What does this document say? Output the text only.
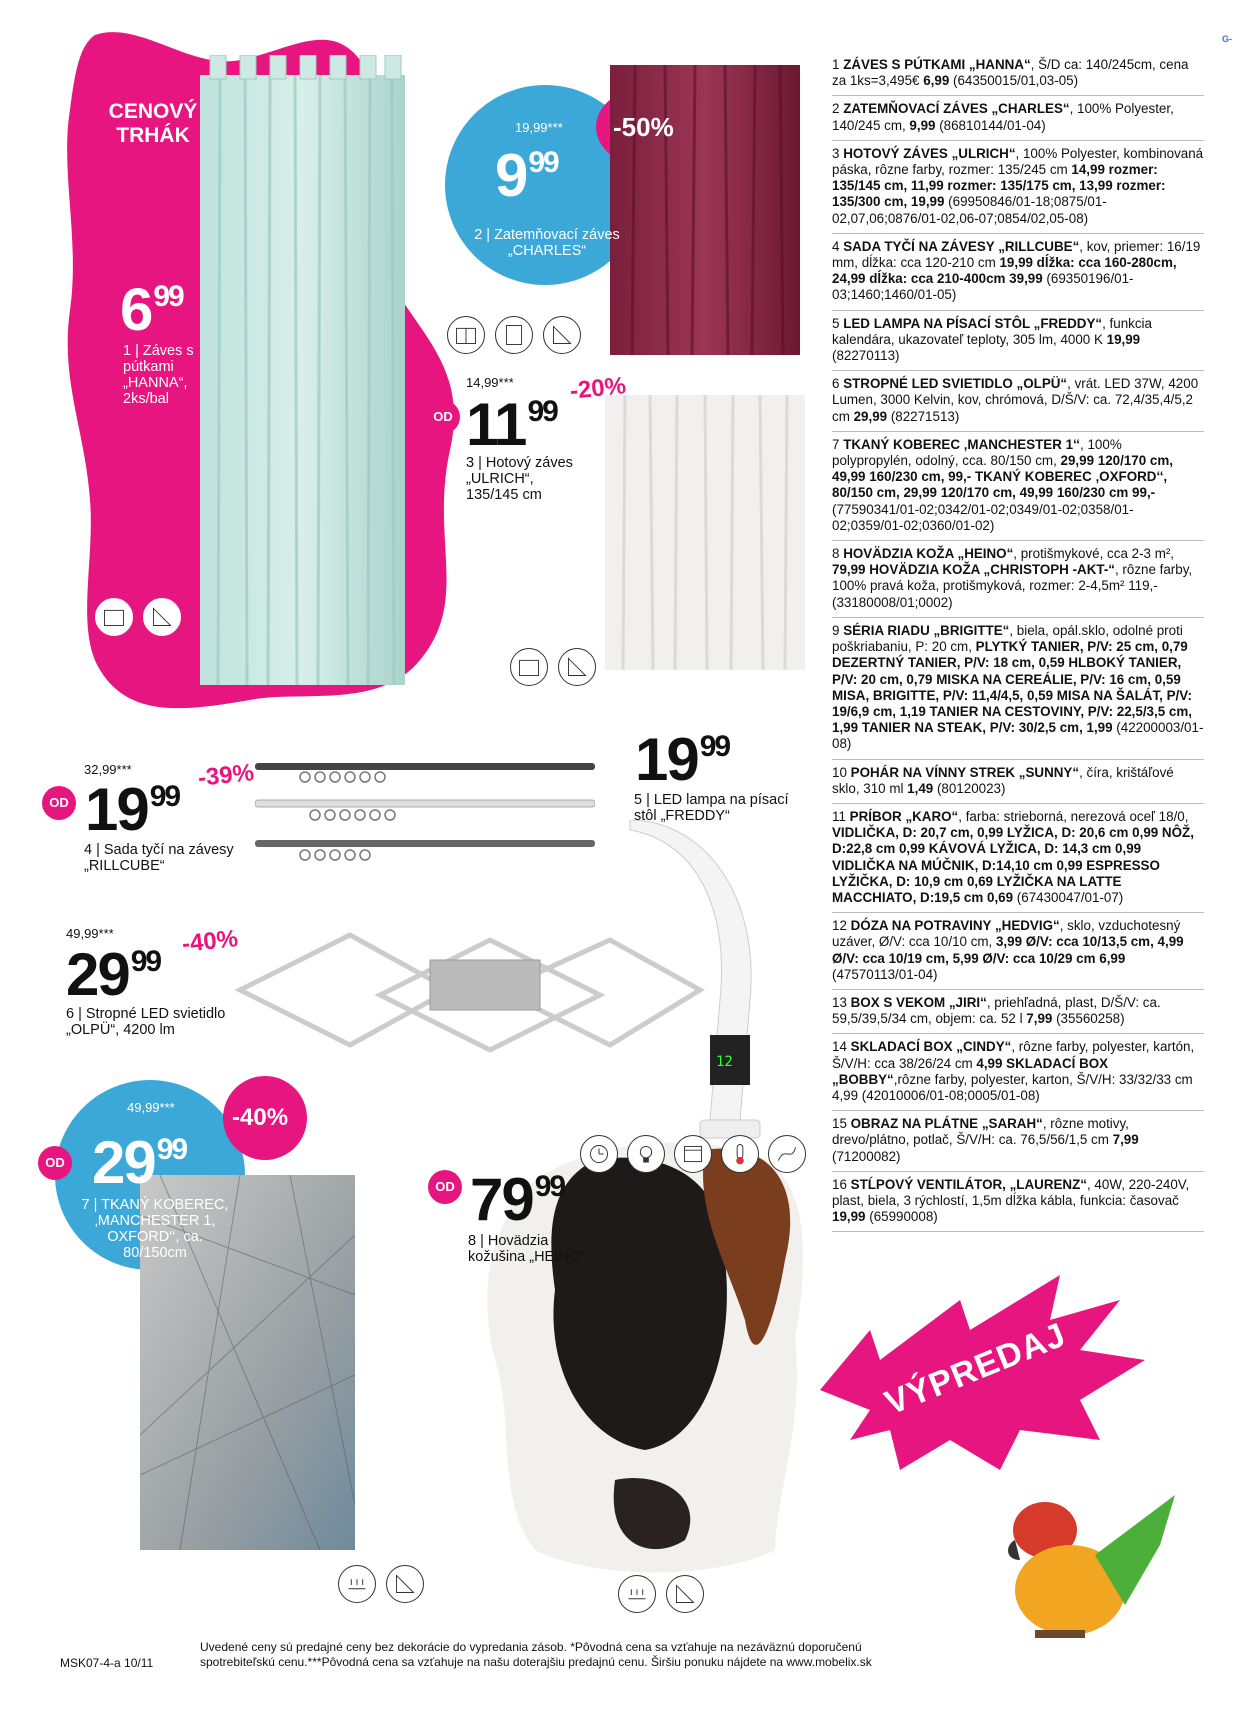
12
CENOVÝ
TRHÁK
699
1 | Záves s
pútkami
„HANNA“,
2ks/bal
19,99*** -50%
999
2 | Zatemňovací záves
„CHARLES“
14,99*** -20%
OD 1199
3 | Hotový záves
„ULRICH“,
135/145 cm
32,99***	-39%
OD 1999
4 | Sada tyčí na závesy
„RILLCUBE“
1999
5 | LED lampa na písací
stôl „FREDDY“
49,99***	-40%
2999
6 | Stropné LED svietidlo
„OLPÜ“, 4200 lm
49,99*** -40%
OD 2999
7 | TKANÝ KOBEREC,
‚MANCHESTER 1,
OXFORD‘‘, ca.
80/150cm
OD 7999
8 | Hovädzia
kožušina „HEINO“
VÝPREDAJ
G-
1 ZÁVES S PÚTKAMI „HANNA“, Š/D ca: 140/245cm, cena za 1ks=3,495€ 6,99 (64350015/01,03-05)
2 ZATEMŇOVACÍ ZÁVES „CHARLES“, 100% Polyester, 140/245 cm, 9,99 (86810144/01-04)
3 HOTOVÝ ZÁVES „ULRICH“, 100% Polyester, kombinovaná páska, rôzne farby, rozmer: 135/245 cm 14,99 rozmer: 135/145 cm, 11,99 rozmer: 135/175 cm, 13,99 rozmer: 135/300 cm, 19,99 (69950846/01-18;0875/01-02,07,06;0876/01-02,06-07;0854/02,05-08)
4 SADA TYČÍ NA ZÁVESY „RILLCUBE“, kov, priemer: 16/19 mm, dĺžka: cca 120-210 cm 19,99 dĺžka: cca 160-280cm, 24,99 dĺžka: cca 210-400cm 39,99 (69350196/01-03;1460;1460/01-05)
5 LED LAMPA NA PÍSACÍ STÔL „FREDDY“, funkcia kalendára, ukazovateľ teploty, 305 lm, 4000 K 19,99 (82270113)
6 STROPNÉ LED SVIETIDLO „OLPÜ“, vrát. LED 37W, 4200 Lumen, 3000 Kelvin, kov, chrómová, D/Š/V: ca. 72,4/35,4/5,2 cm 29,99 (82271513)
7 TKANÝ KOBEREC ‚MANCHESTER 1‘‘, 100% polypropylén, odolný, cca. 80/150 cm, 29,99 120/170 cm, 49,99 160/230 cm, 99,- TKANÝ KOBEREC ‚OXFORD‘‘, 80/150 cm, 29,99 120/170 cm, 49,99 160/230 cm 99,- (77590341/01-02;0342/01-02;0349/01-02;0358/01-02;0359/01-02;0360/01-02)
8 HOVÄDZIA KOŽA „HEINO“, protišmykové, cca 2-3 m², 79,99 HOVÄDZIA KOŽA „CHRISTOPH -AKT-“, rôzne farby, 100% pravá koža, protišmyková, rozmer: 2-4,5m² 119,- (33180008/01;0002)
9 SÉRIA RIADU „BRIGITTE“, biela, opál.sklo, odolné proti poškriabaniu, P: 20 cm, PLYTKÝ TANIER, P/V: 25 cm, 0,79 DEZERTNÝ TANIER, P/V: 18 cm, 0,59 HLBOKÝ TANIER, P/V: 20 cm, 0,79 MISKA NA CEREÁLIE, P/V: 16 cm, 0,59 MISA, BRIGITTE, P/V: 11,4/4,5, 0,59 MISA NA ŠALÁT, P/V: 19/6,9 cm, 1,19 TANIER NA CESTOVINY, P/V: 22,5/3,5 cm, 1,99 TANIER NA STEAK, P/V: 30/2,5 cm, 1,99 (42200003/01-08)
10 POHÁR NA VÍNNY STREK „SUNNY“, číra, krištáľové sklo, 310 ml 1,49 (80120023)
11 PRÍBOR „KARO“, farba: strieborná, nerezová oceľ 18/0, VIDLIČKA, D: 20,7 cm, 0,99 LYŽICA, D: 20,6 cm 0,99 NÔŽ, D:22,8 cm 0,99 KÁVOVÁ LYŽICA, D: 14,3 cm 0,99 VIDLIČKA NA MÚČNIK, D:14,10 cm 0,99 ESPRESSO LYŽIČKA, D: 10,9 cm 0,69 LYŽIČKA NA LATTE MACCHIATO, D:19,5 cm 0,69 (67430047/01-07)
12 DÓZA NA POTRAVINY „HEDVIG“, sklo, vzduchotesný uzáver, Ø/V: cca 10/10 cm, 3,99 Ø/V: cca 10/13,5 cm, 4,99 Ø/V: cca 10/19 cm, 5,99 Ø/V: cca 10/29 cm 6,99 (47570113/01-04)
13 BOX S VEKOM „JIRI“, priehľadná, plast, D/Š/V: ca. 59,5/39,5/34 cm, objem: ca. 52 l 7,99 (35560258)
14 SKLADACÍ BOX „CINDY“, rôzne farby, polyester, kartón, Š/V/H: cca 38/26/24 cm 4,99 SKLADACÍ BOX „BOBBY“,rôzne farby, polyester, karton, Š/V/H: 33/32/33 cm 4,99 (42010006/01-08;0005/01-08)
15 OBRAZ NA PLÁTNE „SARAH“, rôzne motivy, drevo/plátno, potlač, Š/V/H: ca. 76,5/56/1,5 cm 7,99 (71200082)
16 STĹPOVÝ VENTILÁTOR, „LAURENZ“, 40W, 220-240V, plast, biela, 3 rýchlostí, 1,5m dĺžka kábla, funkcia: časovač 19,99 (65990008)
MSK07-4-a 10/11
Uvedené ceny sú predajné ceny bez dekorácie do vypredania zásob. *Pôvodná cena sa vzťahuje na nezáväznú doporučenú
spotrebiteľskú cenu.***Pôvodná cena sa vzťahuje na našu doterajšiu predajnú cenu. Širšiu ponuku nájdete na www.mobelix.sk
